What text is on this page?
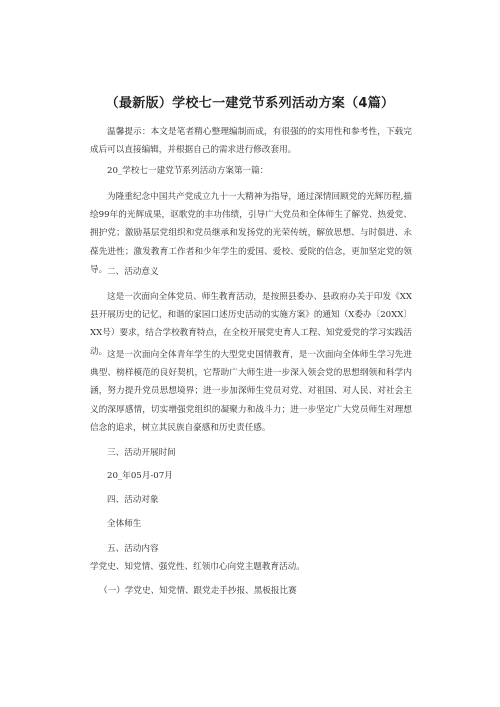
（最新版）学校七一建党节系列活动方案（4篇）
温馨提示：本文是笔者精心整理编制而成，有很强的的实用性和参考性，下载完成后可以直接编辑，并根据自己的需求进行修改套用。
20_学校七一建党节系列活动方案第一篇：
为隆重纪念中国共产党成立九十一大精神为指导，通过深情回顾党的光辉历程,描绘99年的光辉成果，讴歌党的丰功伟绩，引导广大党员和全体师生了解党、热爱党、拥护党；激励基层党组织和党员继承和发扬党的光荣传统，解放思想、与时俱进、永葆先进性；激发教育工作者和少年学生的爱国、爱校、爱院的信念，更加坚定党的领导。 二、活动意义
这是一次面向全体党员、师生教育活动，是按照县委办、县政府办关于印发《XX县开展历史的记忆，和谐的家园口述历史活动的实施方案》的通知（X委办〔20XX〕XX号）要求，结合学校教育特点，在全校开展党史育人工程、知党爱党的学习实践活动。 这是一次面向全体青年学生的大型党史国情教育，是一次面向全体师生学习先进典型、榜样模范的良好契机，它帮助广大师生进一步深入领会党的思想纲领和科学内涵，努力提升党员思想境界；进一步加深师生党员对党、对祖国、对人民、对社会主义的深厚感情，切实增强党组织的凝聚力和战斗力；进一步坚定广大党员师生对理想信念的追求，树立其民族自豪感和历史责任感。
三、活动开展时间
20_年05月-07月
四、活动对象
全体师生
五、活动内容
学党史、知党情、强党性、红领巾心向党主题教育活动。
（一）学党史、知党情、跟党走手抄报、黑板报比赛
